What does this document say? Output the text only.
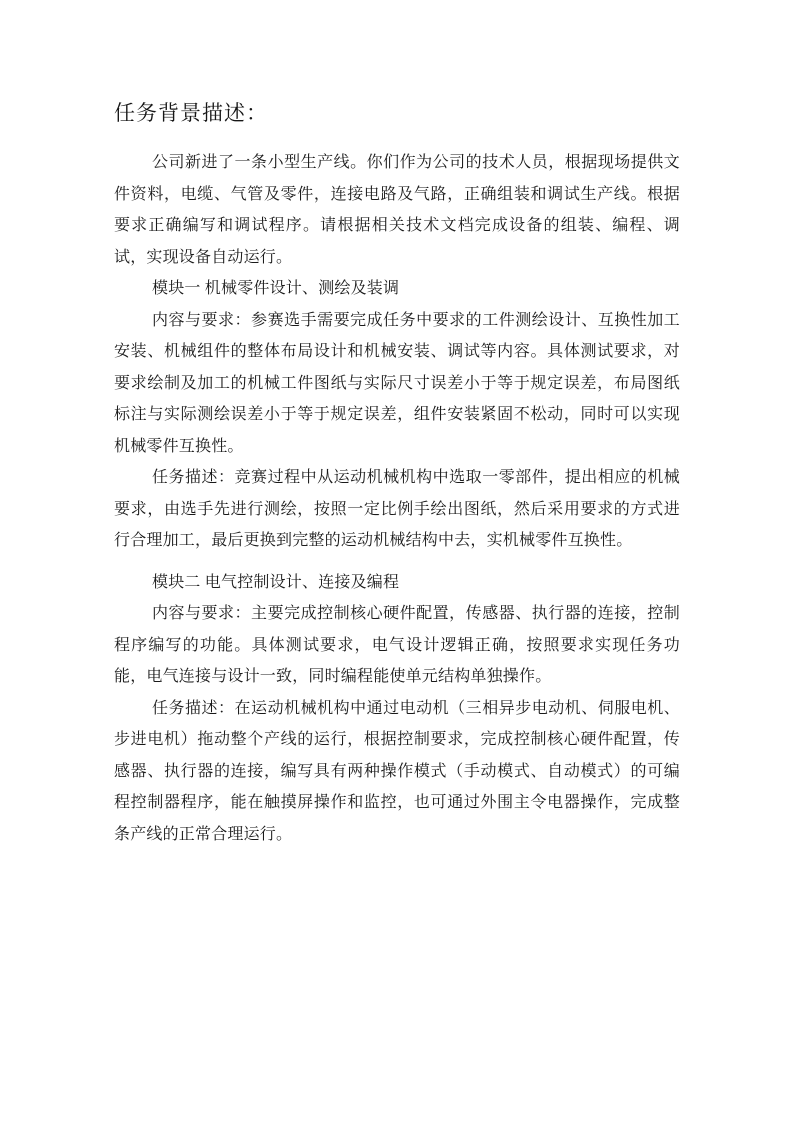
任务背景描述：

公司新进了一条小型生产线。你们作为公司的技术人员，根据现场提供文件资料，电缆、气管及零件，连接电路及气路，正确组装和调试生产线。根据要求正确编写和调试程序。请根据相关技术文档完成设备的组装、编程、调试，实现设备自动运行。

模块一 机械零件设计、测绘及装调

内容与要求：参赛选手需要完成任务中要求的工件测绘设计、互换性加工安装、机械组件的整体布局设计和机械安装、调试等内容。具体测试要求，对要求绘制及加工的机械工件图纸与实际尺寸误差小于等于规定误差，布局图纸标注与实际测绘误差小于等于规定误差，组件安装紧固不松动，同时可以实现机械零件互换性。

任务描述：竞赛过程中从运动机械机构中选取一零部件，提出相应的机械要求，由选手先进行测绘，按照一定比例手绘出图纸，然后采用要求的方式进行合理加工，最后更换到完整的运动机械结构中去，实机械零件互换性。

模块二 电气控制设计、连接及编程

内容与要求：主要完成控制核心硬件配置，传感器、执行器的连接，控制程序编写的功能。具体测试要求，电气设计逻辑正确，按照要求实现任务功能，电气连接与设计一致，同时编程能使单元结构单独操作。

任务描述：在运动机械机构中通过电动机（三相异步电动机、伺服电机、步进电机）拖动整个产线的运行，根据控制要求，完成控制核心硬件配置，传感器、执行器的连接，编写具有两种操作模式（手动模式、自动模式）的可编程控制器程序，能在触摸屏操作和监控，也可通过外围主令电器操作，完成整条产线的正常合理运行。
